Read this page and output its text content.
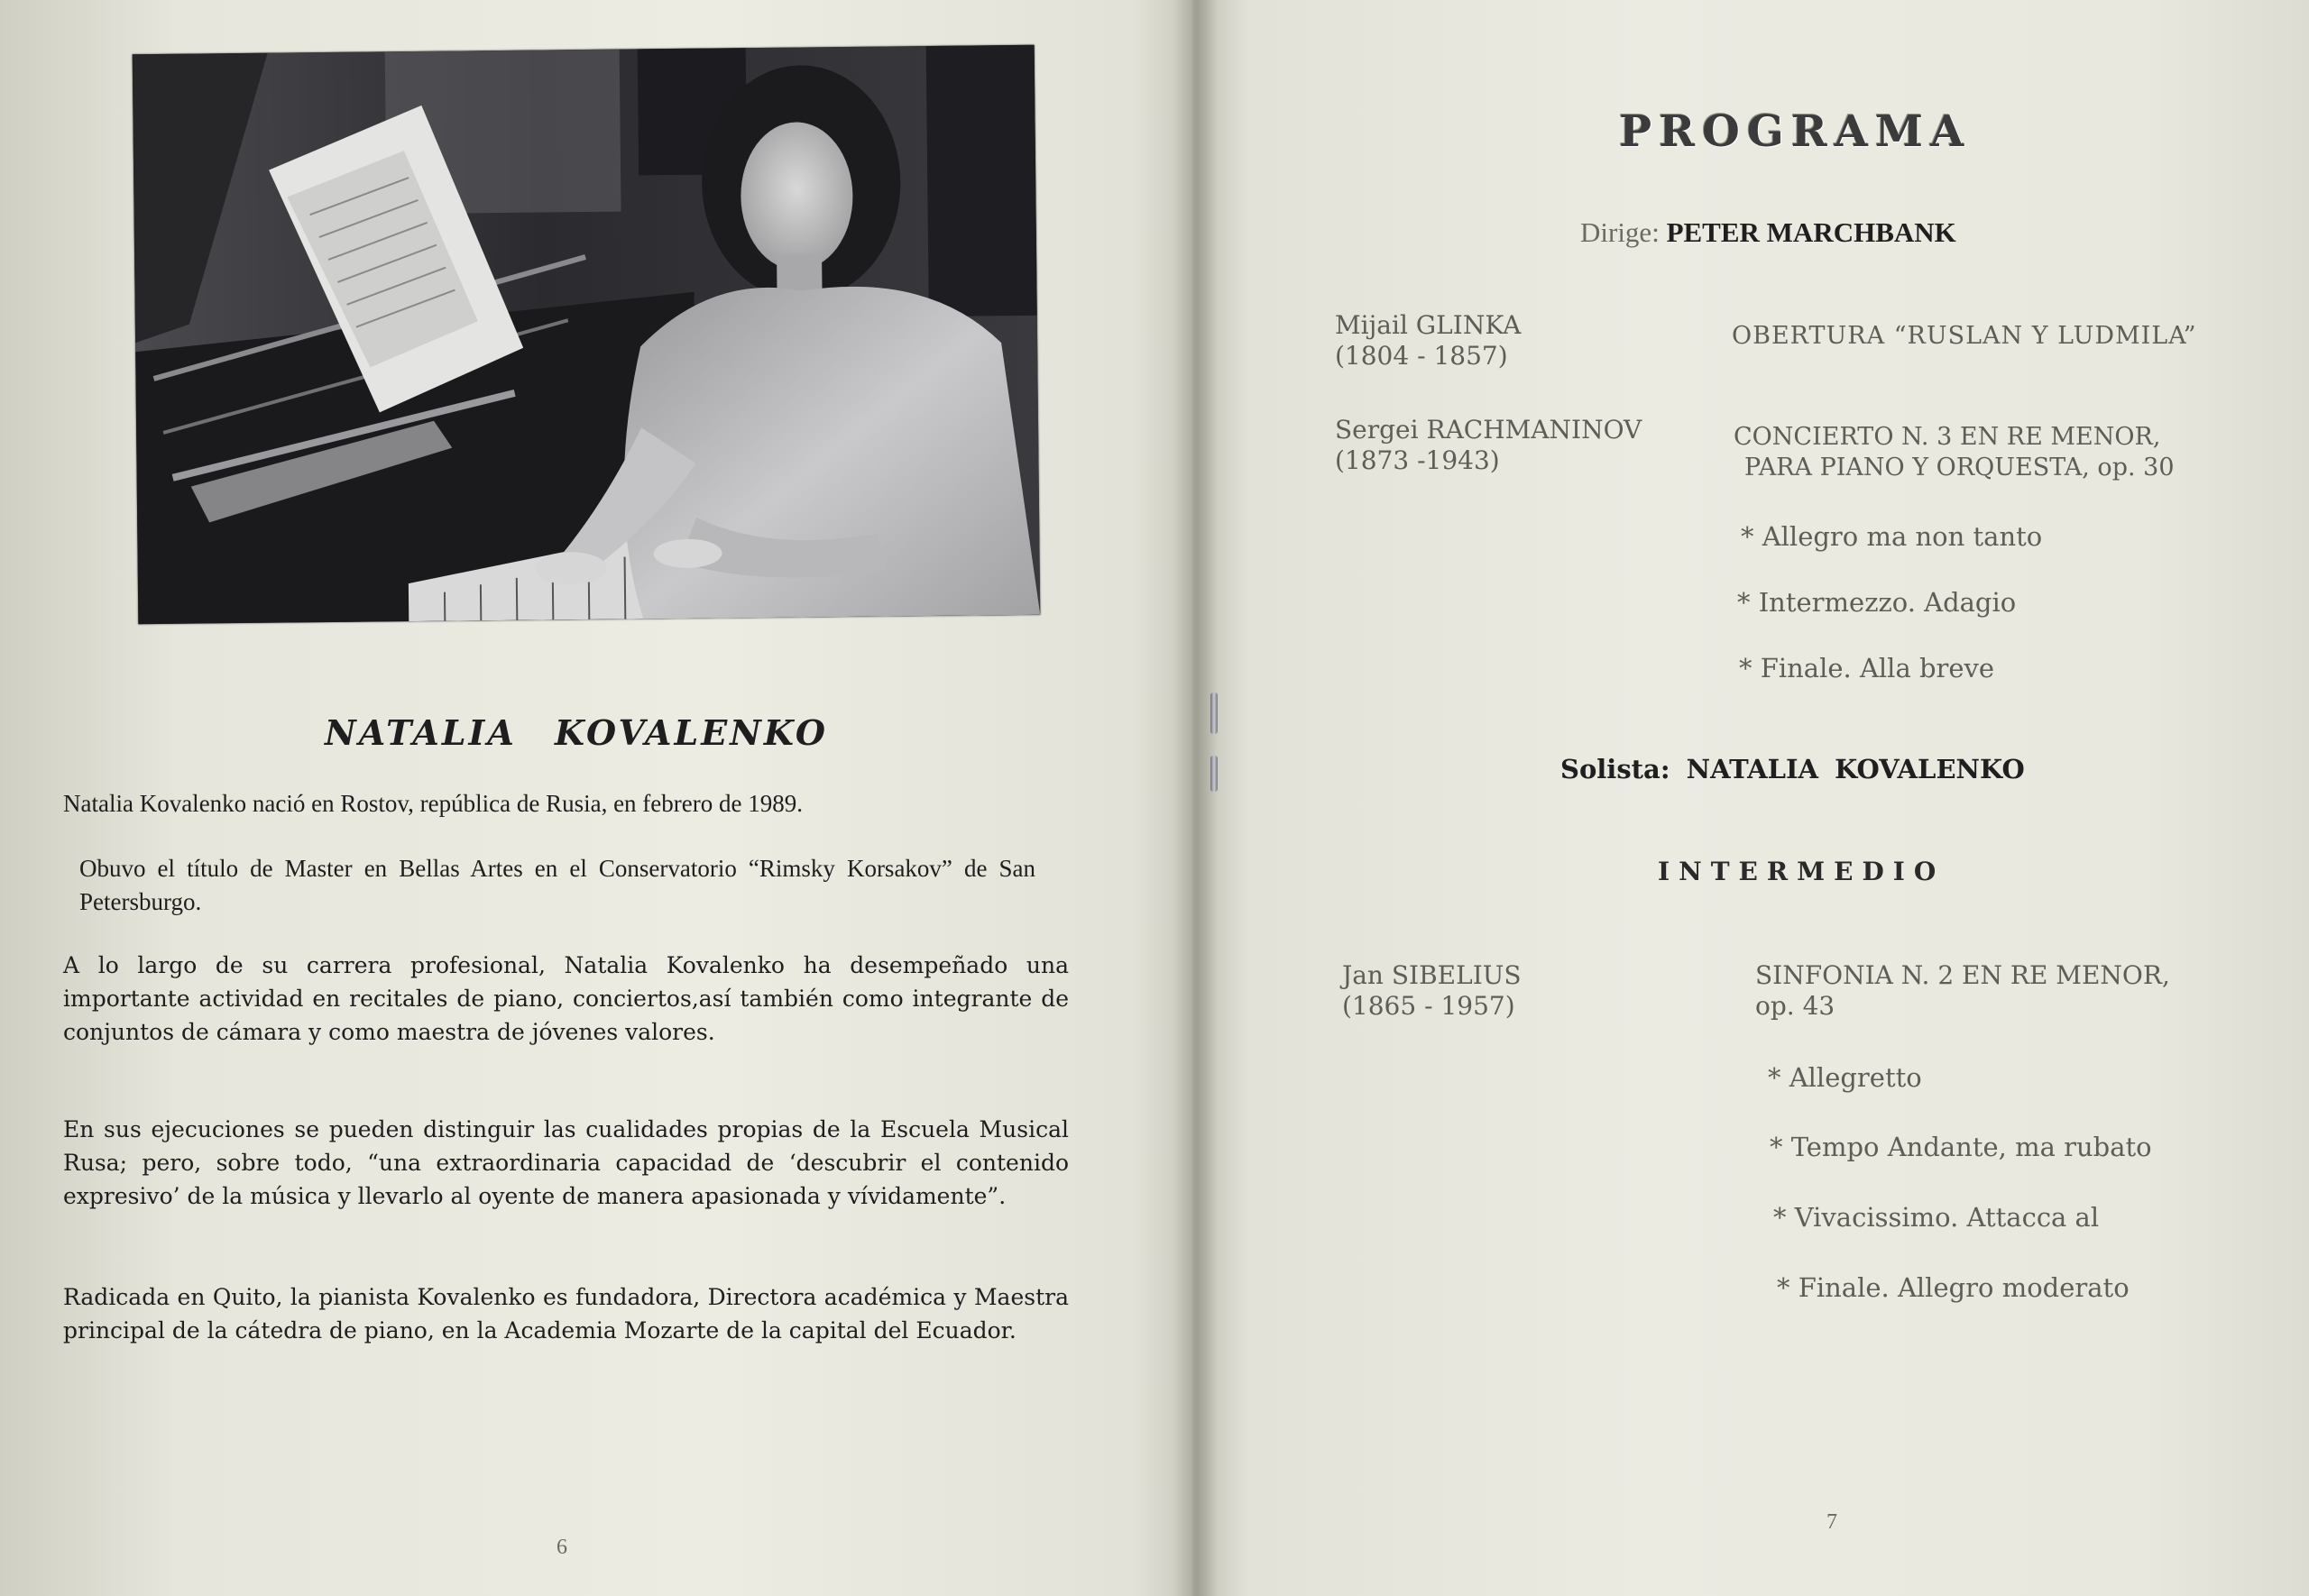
NATALIA KOVALENKO
Natalia Kovalenko nació en Rostov, república de Rusia, en febrero de 1989.
Obuvo el título de Master en Bellas Artes en el Conservatorio “Rimsky Korsakov” de San Petersburgo.
A lo largo de su carrera profesional, Natalia Kovalenko ha desempeñado una importante actividad en recitales de piano, conciertos,así también como integrante de conjuntos de cámara y como maestra de jóvenes valores.
En sus ejecuciones se pueden distinguir las cualidades propias de la Escuela Musical Rusa; pero, sobre todo, “una extraordinaria capacidad de ‘descubrir el contenido expresivo’ de la música y llevarlo al oyente de manera apasionada y vívidamente”.
Radicada en Quito, la pianista Kovalenko es fundadora, Directora académica y Maestra principal de la cátedra de piano, en la Academia Mozarte de la capital del Ecuador.
6
PROGRAMA
Dirige: PETER MARCHBANK
Mijail GLINKA
(1804 - 1857)
OBERTURA “RUSLAN Y LUDMILA”
Sergei RACHMANINOV
(1873 -1943)
CONCIERTO N. 3 EN RE MENOR,
PARA PIANO Y ORQUESTA, op. 30
* Allegro ma non tanto
* Intermezzo. Adagio
* Finale. Alla breve
Solista: NATALIA KOVALENKO
INTERMEDIO
Jan SIBELIUS
(1865 - 1957)
SINFONIA N. 2 EN RE MENOR,
op. 43
* Allegretto
* Tempo Andante, ma rubato
* Vivacissimo. Attacca al
* Finale. Allegro moderato
7
